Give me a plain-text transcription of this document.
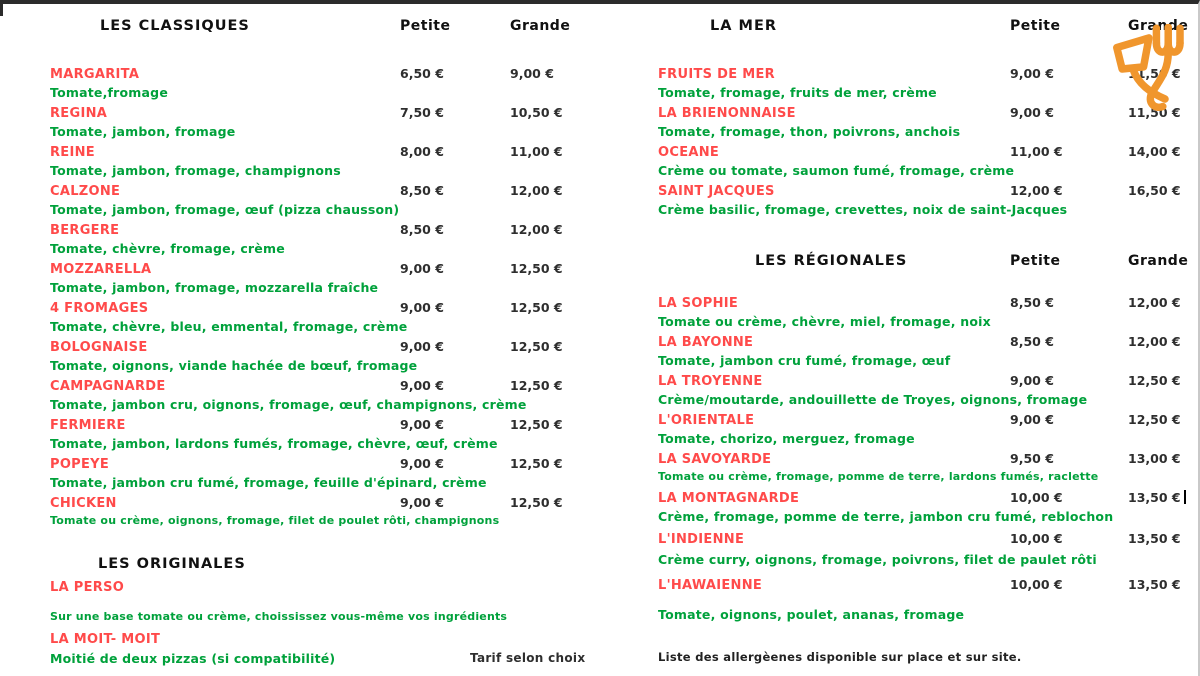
LES CLASSIQUES	Petite	Grande
MARGARITA	6,50 €	9,00 €
Tomate,fromage
REGINA	7,50 €	10,50 €
Tomate, jambon, fromage
REINE	8,00 €	11,00 €
Tomate, jambon, fromage, champignons
CALZONE	8,50 €	12,00 €
Tomate, jambon, fromage, œuf (pizza chausson)
BERGERE	8,50 €	12,00 €
Tomate, chèvre, fromage, crème
MOZZARELLA	9,00 €	12,50 €
Tomate, jambon, fromage, mozzarella fraîche
4 FROMAGES	9,00 €	12,50 €
Tomate, chèvre, bleu, emmental, fromage, crème
BOLOGNAISE	9,00 €	12,50 €
Tomate, oignons, viande hachée de bœuf, fromage
CAMPAGNARDE	9,00 €	12,50 €
Tomate, jambon cru, oignons, fromage, œuf, champignons, crème
FERMIERE	9,00 €	12,50 €
Tomate, jambon, lardons fumés, fromage, chèvre, œuf, crème
POPEYE	9,00 €	12,50 €
Tomate, jambon cru fumé, fromage, feuille d'épinard, crème
CHICKEN	9,00 €	12,50 €
Tomate ou crème, oignons, fromage, filet de poulet rôti, champignons
LES ORIGINALES
LA PERSO
Sur une base tomate ou crème, choississez vous-même vos ingrédients
LA MOIT- MOIT
Moitié de deux pizzas (si compatibilité)	Tarif selon choix
LA MER	Petite	Grande
FRUITS DE MER	9,00 €	11,50 €
Tomate, fromage, fruits de mer, crème
LA BRIENONNAISE	9,00 €	11,50 €
Tomate, fromage, thon, poivrons, anchois
OCEANE	11,00 €	14,00 €
Crème ou tomate, saumon fumé, fromage, crème
SAINT JACQUES	12,00 €	16,50 €
Crème basilic, fromage, crevettes, noix de saint-Jacques
LES RÉGIONALES	Petite	Grande
LA SOPHIE	8,50 €	12,00 €
Tomate ou crème, chèvre, miel, fromage, noix
LA BAYONNE	8,50 €	12,00 €
Tomate, jambon cru fumé, fromage, œuf
LA TROYENNE	9,00 €	12,50 €
Crème/moutarde, andouillette de Troyes, oignons, fromage
L'ORIENTALE	9,00 €	12,50 €
Tomate, chorizo, merguez, fromage
LA SAVOYARDE	9,50 €	13,00 €
Tomate ou crème, fromage, pomme de terre, lardons fumés, raclette
LA MONTAGNARDE	10,00 €	13,50 €
Crème, fromage, pomme de terre, jambon cru fumé, reblochon
L'INDIENNE	10,00 €	13,50 €
Crème curry, oignons, fromage, poivrons, filet de paulet rôti
L'HAWAIENNE	10,00 €	13,50 €
Tomate, oignons, poulet, ananas, fromage
Liste des allergèenes disponible sur place et sur site.
